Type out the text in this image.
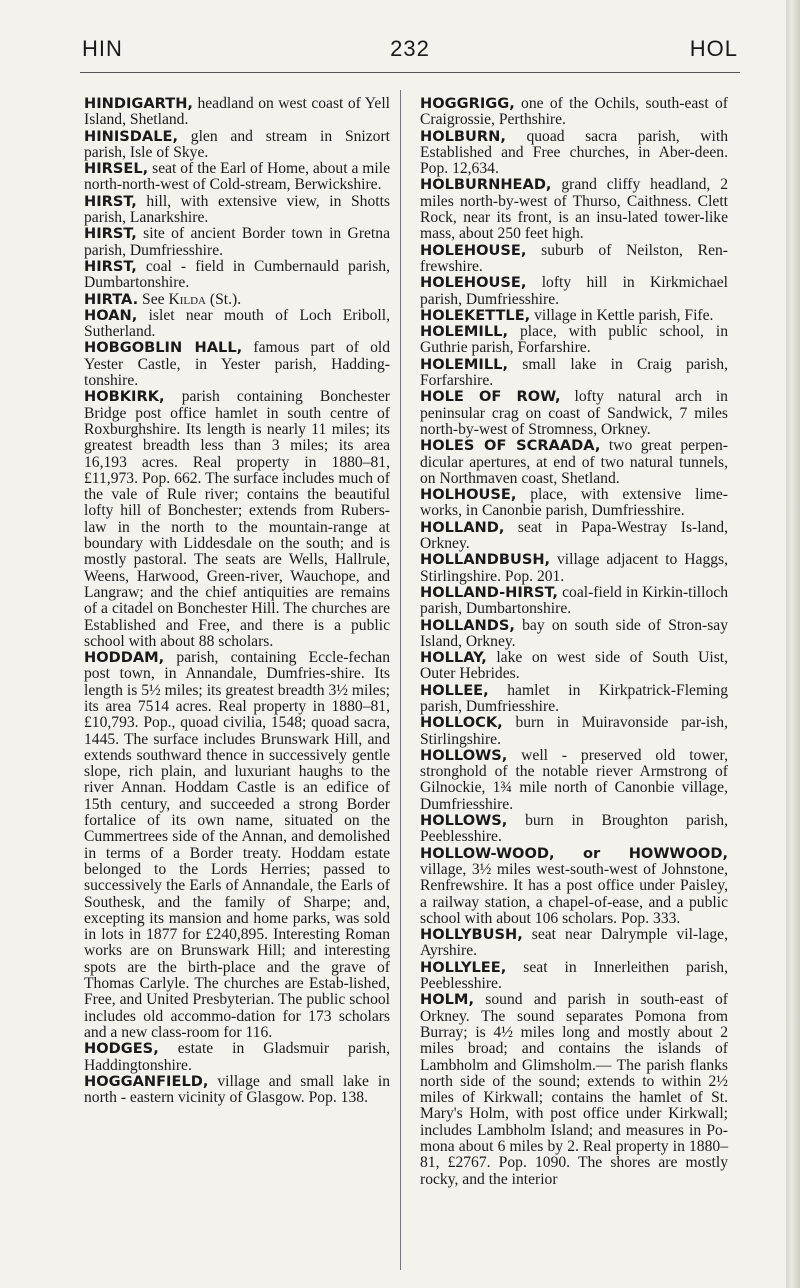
HIN	232	HOL

HINDIGARTH, headland on west coast of Yell Island, Shetland.

HINISDALE, glen and stream in Snizort parish, Isle of Skye.

HIRSEL, seat of the Earl of Home, about a mile north-north-west of Cold-stream, Berwickshire.

HIRST, hill, with extensive view, in Shotts parish, Lanarkshire.

HIRST, site of ancient Border town in Gretna parish, Dumfriesshire.

HIRST, coal - field in Cumbernauld parish, Dumbartonshire.

HIRTA. See Kilda (St.).

HOAN, islet near mouth of Loch Eriboll, Sutherland.

HOBGOBLIN HALL, famous part of old Yester Castle, in Yester parish, Hadding-tonshire.

HOBKIRK, parish containing Bonchester Bridge post office hamlet in south centre of Roxburghshire. Its length is nearly 11 miles; its greatest breadth less than 3 miles; its area 16,193 acres. Real property in 1880–81, £11,973. Pop. 662. The surface includes much of the vale of Rule river; contains the beautiful lofty hill of Bonchester; extends from Rubers-law in the north to the mountain-range at boundary with Liddesdale on the south; and is mostly pastoral. The seats are Wells, Hallrule, Weens, Harwood, Green-river, Wauchope, and Langraw; and the chief antiquities are remains of a citadel on Bonchester Hill. The churches are Established and Free, and there is a public school with about 88 scholars.

HODDAM, parish, containing Eccle-fechan post town, in Annandale, Dumfries-shire. Its length is 5½ miles; its greatest breadth 3½ miles; its area 7514 acres. Real property in 1880–81, £10,793. Pop., quoad civilia, 1548; quoad sacra, 1445. The surface includes Brunswark Hill, and extends southward thence in successively gentle slope, rich plain, and luxuriant haughs to the river Annan. Hoddam Castle is an edifice of 15th century, and succeeded a strong Border fortalice of its own name, situated on the Cummertrees side of the Annan, and demolished in terms of a Border treaty. Hoddam estate belonged to the Lords Herries; passed to successively the Earls of Annandale, the Earls of Southesk, and the family of Sharpe; and, excepting its mansion and home parks, was sold in lots in 1877 for £240,895. Interesting Roman works are on Brunswark Hill; and interesting spots are the birth-place and the grave of Thomas Carlyle. The churches are Estab-lished, Free, and United Presbyterian. The public school includes old accommo-dation for 173 scholars and a new class-room for 116.

HODGES, estate in Gladsmuir parish, Haddingtonshire.

HOGGANFIELD, village and small lake in north - eastern vicinity of Glasgow. Pop. 138.

HOGGRIGG, one of the Ochils, south-east of Craigrossie, Perthshire.

HOLBURN, quoad sacra parish, with Established and Free churches, in Aber-deen. Pop. 12,634.

HOLBURNHEAD, grand cliffy headland, 2 miles north-by-west of Thurso, Caithness. Clett Rock, near its front, is an insu-lated tower-like mass, about 250 feet high.

HOLEHOUSE, suburb of Neilston, Ren-frewshire.

HOLEHOUSE, lofty hill in Kirkmichael parish, Dumfriesshire.

HOLEKETTLE, village in Kettle parish, Fife.

HOLEMILL, place, with public school, in Guthrie parish, Forfarshire.

HOLEMILL, small lake in Craig parish, Forfarshire.

HOLE OF ROW, lofty natural arch in peninsular crag on coast of Sandwick, 7 miles north-by-west of Stromness, Orkney.

HOLES OF SCRAADA, two great perpen-dicular apertures, at end of two natural tunnels, on Northmaven coast, Shetland.

HOLHOUSE, place, with extensive lime-works, in Canonbie parish, Dumfriesshire.

HOLLAND, seat in Papa-Westray Is-land, Orkney.

HOLLANDBUSH, village adjacent to Haggs, Stirlingshire. Pop. 201.

HOLLAND-HIRST, coal-field in Kirkin-tilloch parish, Dumbartonshire.

HOLLANDS, bay on south side of Stron-say Island, Orkney.

HOLLAY, lake on west side of South Uist, Outer Hebrides.

HOLLEE, hamlet in Kirkpatrick-Fleming parish, Dumfriesshire.

HOLLOCK, burn in Muiravonside par-ish, Stirlingshire.

HOLLOWS, well - preserved old tower, stronghold of the notable riever Armstrong of Gilnockie, 1¾ mile north of Canonbie village, Dumfriesshire.

HOLLOWS, burn in Broughton parish, Peeblesshire.

HOLLOW-WOOD, or HOWWOOD, village, 3½ miles west-south-west of Johnstone, Renfrewshire. It has a post office under Paisley, a railway station, a chapel-of-ease, and a public school with about 106 scholars. Pop. 333.

HOLLYBUSH, seat near Dalrymple vil-lage, Ayrshire.

HOLLYLEE, seat in Innerleithen parish, Peeblesshire.

HOLM, sound and parish in south-east of Orkney. The sound separates Pomona from Burray; is 4½ miles long and mostly about 2 miles broad; and contains the islands of Lambholm and Glimsholm.— The parish flanks north side of the sound; extends to within 2½ miles of Kirkwall; contains the hamlet of St. Mary's Holm, with post office under Kirkwall; includes Lambholm Island; and measures in Po-mona about 6 miles by 2. Real property in 1880–81, £2767. Pop. 1090. The shores are mostly rocky, and the interior
